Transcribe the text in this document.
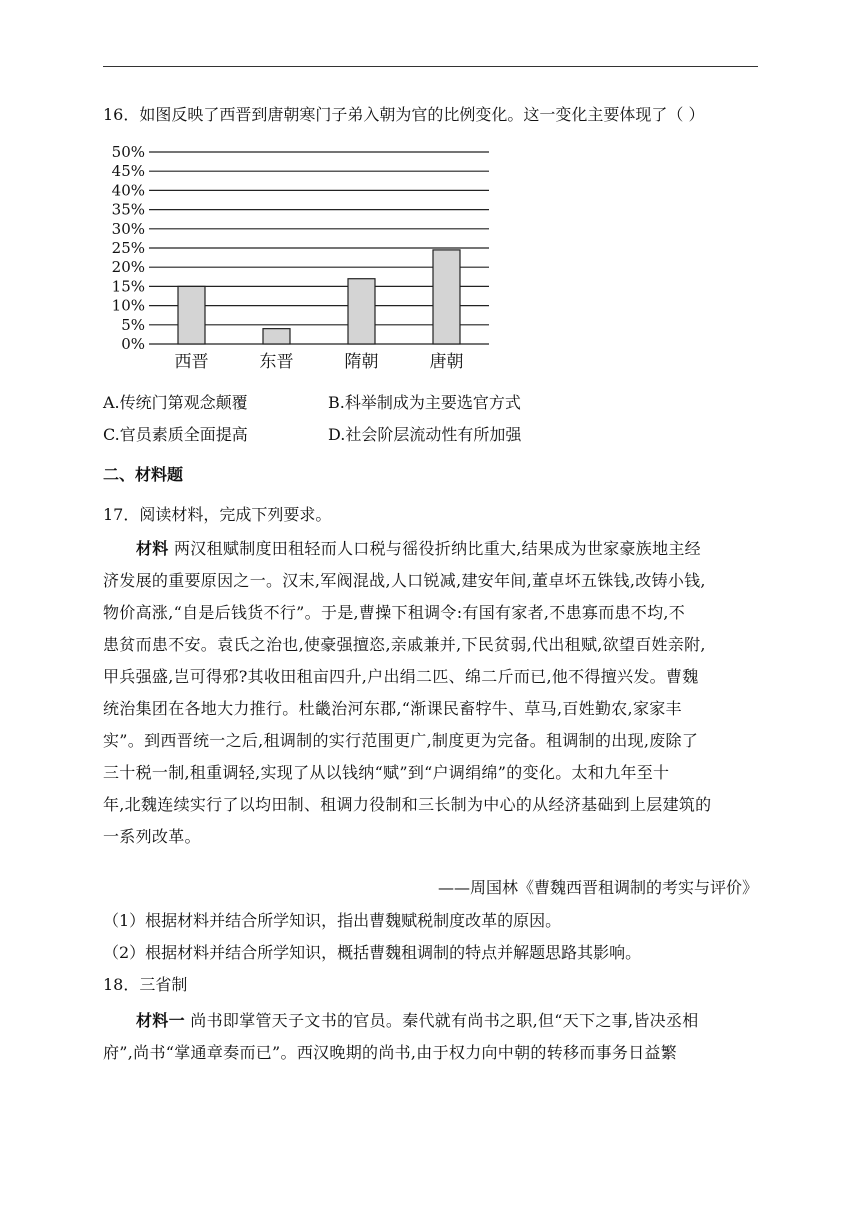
16．如图反映了西晋到唐朝寒门子弟入朝为官的比例变化。这一变化主要体现了（ ）
0%
5%
10%
15%
20%
25%
30%
35%
40%
45%
50%
西晋	东晋	隋朝	唐朝
A.传统门第观念颠覆	B.科举制成为主要选官方式
C.官员素质全面提高	D.社会阶层流动性有所加强
二、材料题
17．阅读材料，完成下列要求。
材料 两汉租赋制度田租轻而人口税与徭役折纳比重大,结果成为世家豪族地主经
济发展的重要原因之一。汉末,军阀混战,人口锐减,建安年间,董卓坏五铢钱,改铸小钱,
物价高涨,“自是后钱货不行”。于是,曹操下租调令:有国有家者,不患寡而患不均,不
患贫而患不安。袁氏之治也,使豪强擅恣,亲戚兼并,下民贫弱,代出租赋,欲望百姓亲附,
甲兵强盛,岂可得邪?其收田租亩四升,户出绢二匹、绵二斤而已,他不得擅兴发。曹魏
统治集团在各地大力推行。杜畿治河东郡,“渐课民畜牸牛、草马,百姓勤农,家家丰
实”。到西晋统一之后,租调制的实行范围更广,制度更为完备。租调制的出现,废除了
三十税一制,租重调轻,实现了从以钱纳“赋”到“户调绢绵”的变化。太和九年至十
年,北魏连续实行了以均田制、租调力役制和三长制为中心的从经济基础到上层建筑的
一系列改革。
——周国林《曹魏西晋租调制的考实与评价》
（1）根据材料并结合所学知识，指出曹魏赋税制度改革的原因。
（2）根据材料并结合所学知识，概括曹魏租调制的特点并解题思路其影响。
18．三省制
材料一 尚书即掌管天子文书的官员。秦代就有尚书之职,但“天下之事,皆决丞相
府”,尚书“掌通章奏而已”。西汉晚期的尚书,由于权力向中朝的转移而事务日益繁
